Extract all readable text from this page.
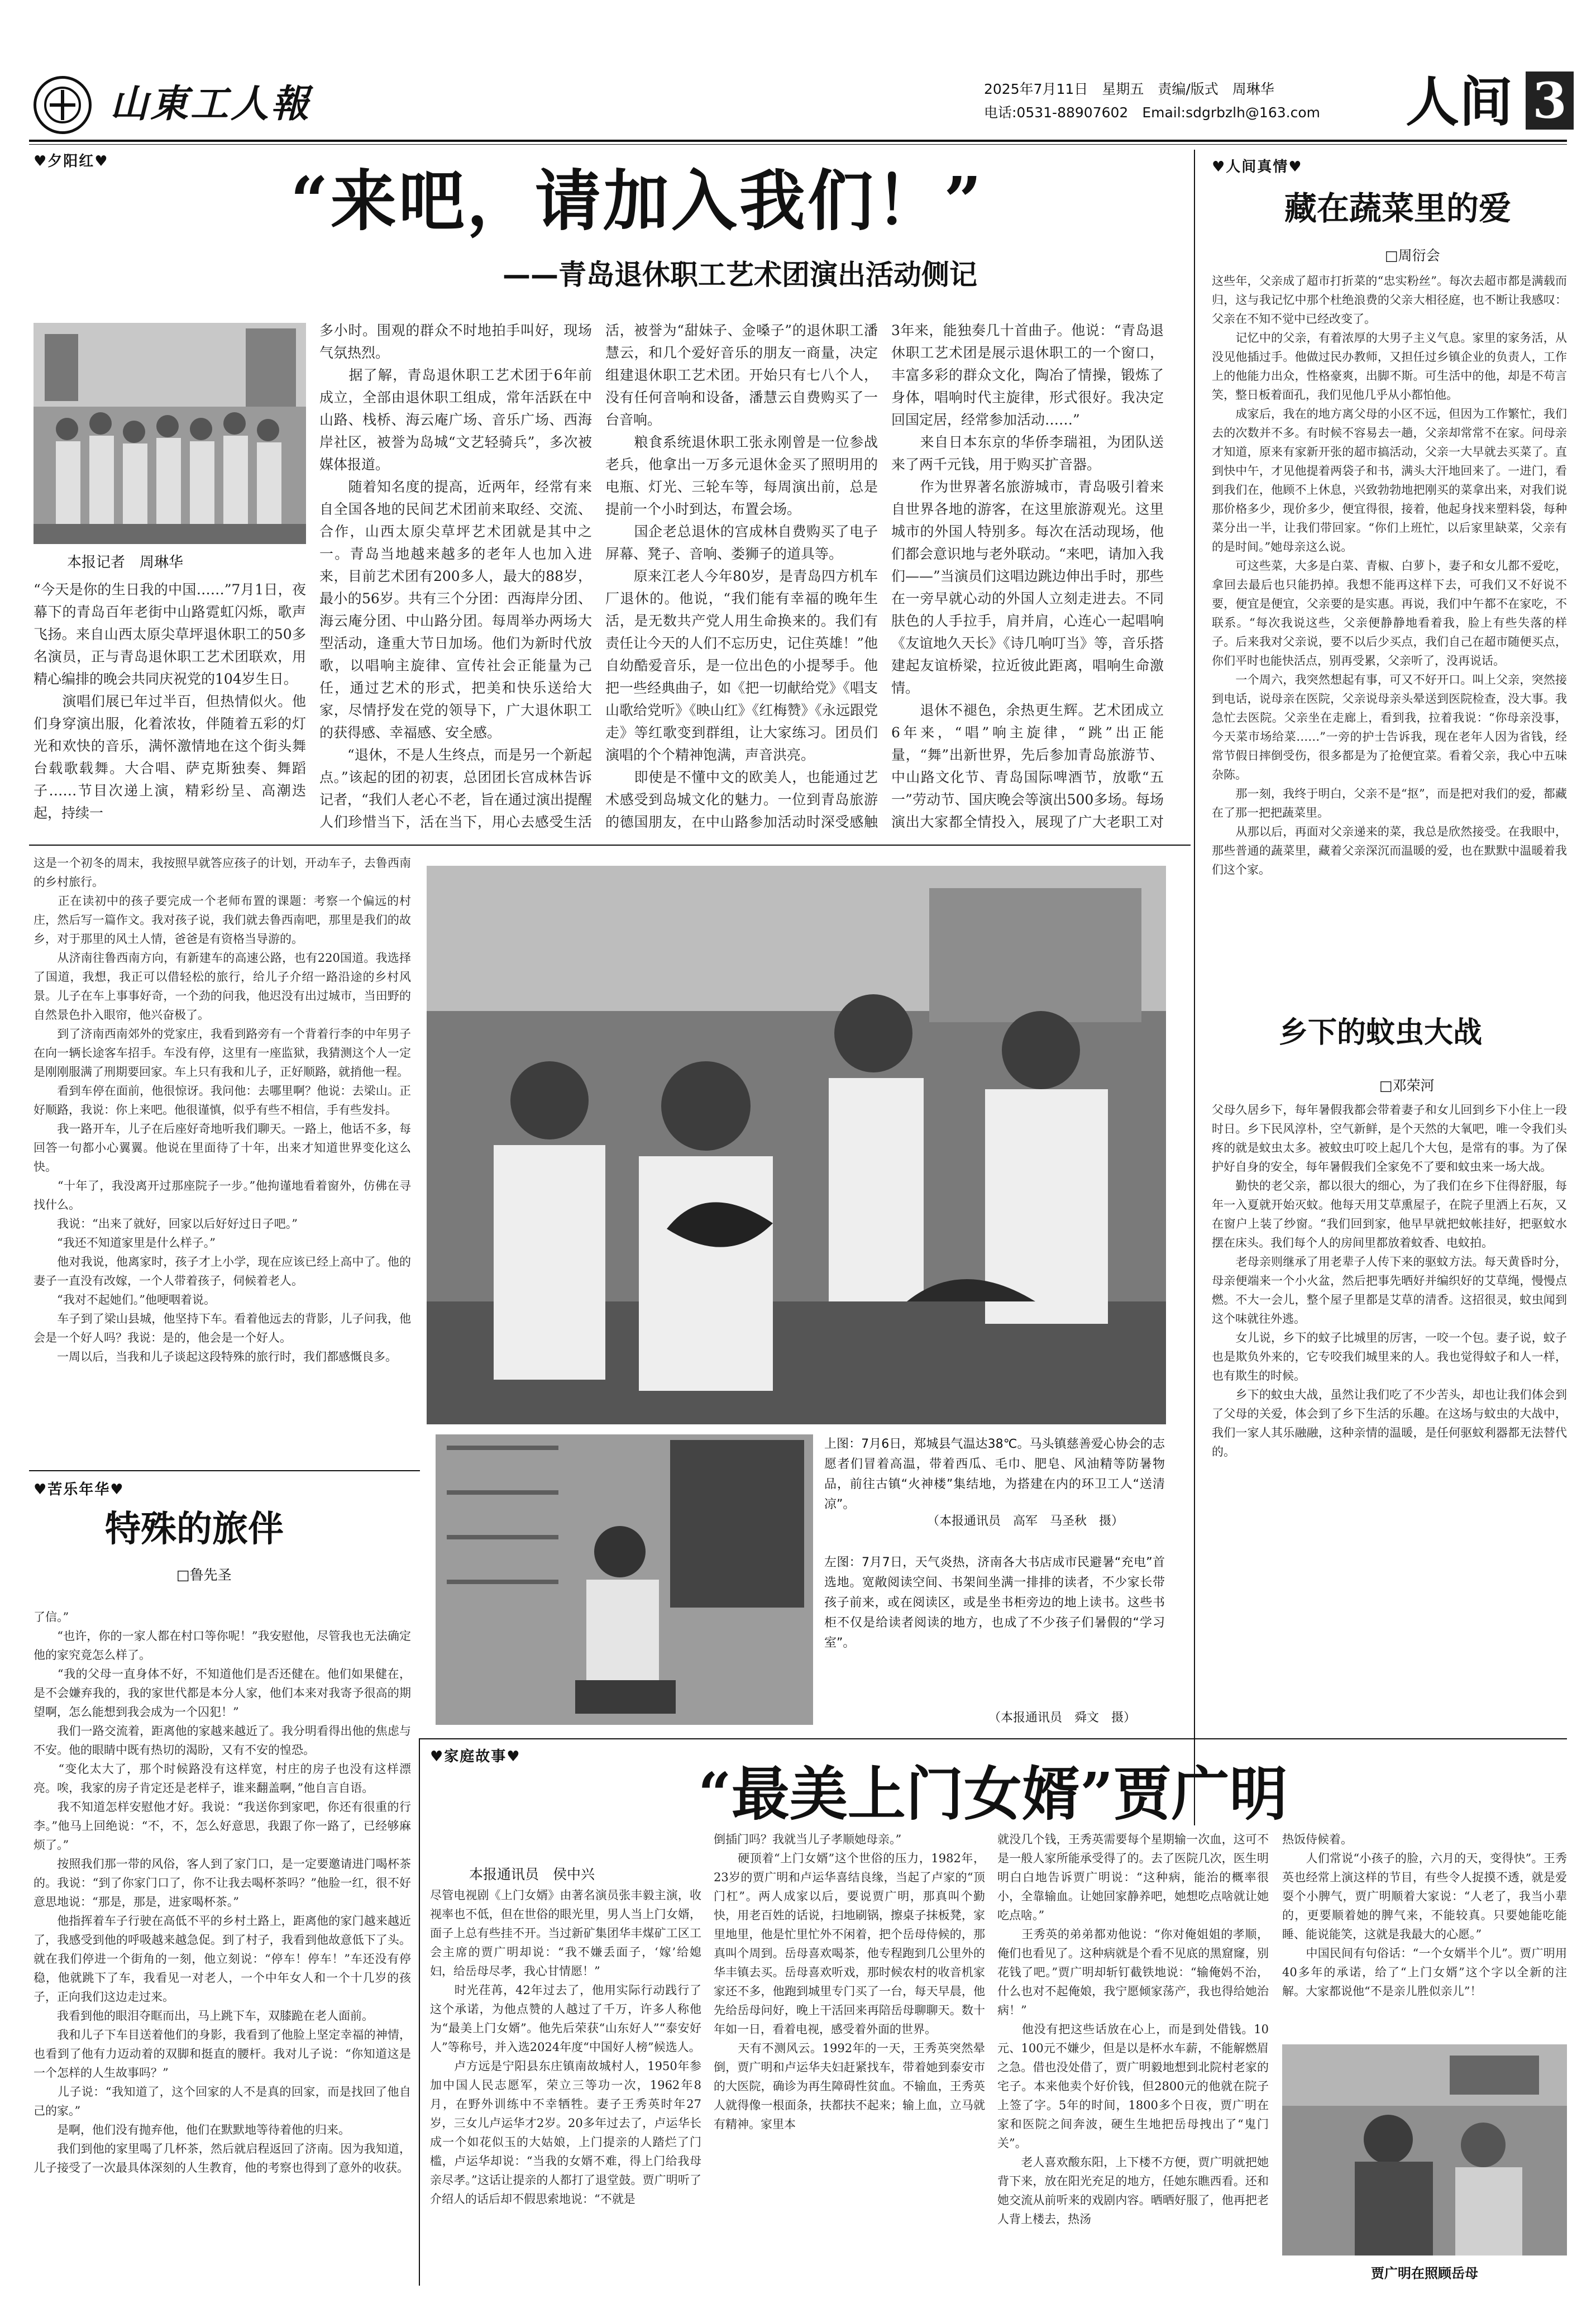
山東工人報	2025年7月11日　星期五　责编/版式　周琳华
电话:0531-88907602　Email:sdgrbzlh@163.com 人间 3
♥夕阳红♥
“来吧，请加入我们！”
——青岛退休职工艺术团演出活动侧记
本报记者　周琳华
“今天是你的生日我的中国……”7月1日，夜幕下的青岛百年老街中山路霓虹闪烁，歌声飞扬。来自山西太原尖草坪退休职工的50多名演员，正与青岛退休职工艺术团联欢，用精心编排的晚会共同庆祝党的104岁生日。
　　演唱们展已年过半百，但热情似火。他们身穿演出服，化着浓妆，伴随着五彩的灯光和欢快的音乐，满怀激情地在这个街头舞台载歌载舞。大合唱、萨克斯独奏、舞蹈子……节目次递上演，精彩纷呈、高潮迭起，持续一
多小时。围观的群众不时地拍手叫好，现场气氛热烈。
　　据了解，青岛退休职工艺术团于6年前成立，全部由退休职工组成，常年活跃在中山路、栈桥、海云庵广场、音乐广场、西海岸社区，被誉为岛城“文艺轻骑兵”，多次被媒体报道。
　　随着知名度的提高，近两年，经常有来自全国各地的民间艺术团前来取经、交流、合作，山西太原尖草坪艺术团就是其中之一。青岛当地越来越多的老年人也加入进来，目前艺术团有200多人，最大的88岁，最小的56岁。共有三个分团：西海岸分团、海云庵分团、中山路分团。每周举办两场大型活动，逢重大节日加场。他们为新时代放歌，以唱响主旋律、宣传社会正能量为己任，通过艺术的形式，把美和快乐送给大家，尽情抒发在党的领导下，广大退休职工的获得感、幸福感、安全感。
　　“退休，不是人生终点，而是另一个新起点。”该起的团的初衷，总团团长宫成林告诉记者，“我们人老心不老，旨在通过演出提醒人们珍惜当下，活在当下，用心去感受生活

活，被誉为“甜妹子、金嗓子”的退休职工潘慧云，和几个爱好音乐的朋友一商量，决定组建退休职工艺术团。开始只有七八个人，没有任何音响和设备，潘慧云自费购买了一台音响。
　　粮食系统退休职工张永刚曾是一位参战老兵，他拿出一万多元退休金买了照明用的电瓶、灯光、三轮车等，每周演出前，总是提前一个小时到达，布置会场。
　　国企老总退休的宫成林自费购买了电子屏幕、凳子、音响、娄狮子的道具等。
　　原来江老人今年80岁，是青岛四方机车厂退休的。他说，“我们能有幸福的晚年生活，是无数共产党人用生命换来的。我们有责任让今天的人们不忘历史，记住英雄！”他自幼酷爱音乐，是一位出色的小提琴手。他把一些经典曲子，如《把一切献给党》《唱支山歌给党听》《映山红》《红梅赞》《永远跟党走》等红歌变到群组，让大家练习。团员们演唱的个个精神饱满，声音洪亮。
　　即使是不懂中文的欧美人，也能通过艺术感受到岛城文化的魅力。一位到青岛旅游的德国朋友，在中山路参加活动时深受感触

3年来，能独奏几十首曲子。他说：“青岛退休职工艺术团是展示退休职工的一个窗口，丰富多彩的群众文化，陶冶了情操，锻炼了身体，唱响时代主旋律，形式很好。我决定回国定居，经常参加活动……”
　　来自日本东京的华侨李瑞祖，为团队送来了两千元钱，用于购买扩音器。
　　作为世界著名旅游城市，青岛吸引着来自世界各地的游客，在这里旅游观光。这里城市的外国人特别多。每次在活动现场，他们都会意识地与老外联动。“来吧，请加入我们——”当演员们这唱边跳边伸出手时，那些在一旁早就心动的外国人立刻走进去。不同肤色的人手拉手，肩并肩，心连心一起唱响《友谊地久天长》《诗几响叮当》等，音乐搭建起友谊桥梁，拉近彼此距离，唱响生命激情。
　　退休不褪色，余热更生辉。艺术团成立6年来，“唱”响主旋律，“跳”出正能量，“舞”出新世界，先后参加青岛旅游节、中山路文化节、青岛国际啤酒节，放歌“五一”劳动节、国庆晚会等演出500多场。每场演出大家都全情投入，展现了广大老职工对
♥人间真情♥
藏在蔬菜里的爱
□周衍会
这些年，父亲成了超市打折菜的“忠实粉丝”。每次去超市都是满载而归，这与我记忆中那个杜绝浪费的父亲大相径庭，也不断让我感叹：父亲在不知不觉中已经改变了。
　　记忆中的父亲，有着浓厚的大男子主义气息。家里的家务活，从没见他插过手。他做过民办教师，又担任过乡镇企业的负责人，工作上的他能力出众，性格豪爽，出脚不斯。可生活中的他，却是不苟言笑，整日板着面孔，我们见他几乎从小都怕他。
　　成家后，我在的地方离父母的小区不远，但因为工作繁忙，我们去的次数并不多。有时候不容易去一趟，父亲却常常不在家。问母亲才知道，原来有家新开张的超市搞活动，父亲一大早就去买菜了。直到快中午，才见他提着两袋子和书，满头大汗地回来了。一进门，看到我们在，他顾不上休息，兴致勃勃地把刚买的菜拿出来，对我们说那价格多少，现价多少，便宜得很，接着，他起身找来塑料袋，每种菜分出一半，让我们带回家。“你们上班忙，以后家里缺菜，父亲有的是时间。”她母亲这么说。
　　可这些菜，大多是白菜、青椒、白萝卜，妻子和女儿都不爱吃，拿回去最后也只能扔掉。我想不能再这样下去，可我们又不好说不要，便宜是便宜，父亲要的是实惠。再说，我们中午都不在家吃，不联系。“每次我说这些，父亲便静静地看着我，脸上有些失落的样子。后来我对父亲说，要不以后少买点，我们自己在超市随便买点，你们平时也能快活点，别再受累，父亲听了，没再说话。
　　一个周六，我突然想起有事，可又不好开口。叫上父亲，突然接到电话，说母亲在医院，父亲说母亲头晕送到医院检查，没大事。我急忙去医院。父亲坐在走廊上，看到我，拉着我说：“你母亲没事，今天菜市场给菜……”一旁的护士告诉我，现在老年人因为省钱，经常节假日摔倒受伤，很多都是为了抢便宜菜。看着父亲，我心中五味杂陈。
　　那一刻，我终于明白，父亲不是“抠”，而是把对我们的爱，都藏在了那一把把蔬菜里。
　　从那以后，再面对父亲递来的菜，我总是欣然接受。在我眼中，那些普通的蔬菜里，藏着父亲深沉而温暖的爱，也在默默中温暖着我们这个家。
乡下的蚊虫大战
□邓荣河
父母久居乡下，每年暑假我都会带着妻子和女儿回到乡下小住上一段时日。乡下民风淳朴，空气新鲜，是个天然的大氧吧，唯一令我们头疼的就是蚊虫太多。被蚊虫叮咬上起几个大包，是常有的事。为了保护好自身的安全，每年暑假我们全家免不了要和蚊虫来一场大战。
　　勤快的老父亲，都以很大的细心，为了我们在乡下住得舒服，每年一入夏就开始灭蚊。他每天用艾草熏屋子，在院子里洒上石灰，又在窗户上装了纱窗。“我们回到家，他早早就把蚊帐挂好，把驱蚊水摆在床头。我们每个人的房间里都放着蚊香、电蚊拍。
　　老母亲则继承了用老辈子人传下来的驱蚊方法。每天黄昏时分，母亲便端来一个小火盆，然后把事先晒好并编织好的艾草绳，慢慢点燃。不大一会儿，整个屋子里都是艾草的清香。这招很灵，蚊虫闻到这个味就往外逃。
　　女儿说，乡下的蚊子比城里的厉害，一咬一个包。妻子说，蚊子也是欺负外来的，它专咬我们城里来的人。我也觉得蚊子和人一样，也有欺生的时候。
　　乡下的蚊虫大战，虽然让我们吃了不少苦头，却也让我们体会到了父母的关爱，体会到了乡下生活的乐趣。在这场与蚊虫的大战中，我们一家人其乐融融，这种亲情的温暖，是任何驱蚊利器都无法替代的。
上图：7月6日，郑城县气温达38℃。马头镇慈善爱心协会的志愿者们冒着高温，带着西瓜、毛巾、肥皂、风油精等防暑物品，前往古镇“火神楼”集结地，为搭建在内的环卫工人“送清凉”。
（本报通讯员　高军　马圣秋　摄）
左图：7月7日，天气炎热，济南各大书店成市民避暑“充电”首选地。宽敞阅读空间、书架间坐满一排排的读者，不少家长带孩子前来，或在阅读区，或是坐书柜旁边的地上读书。这些书柜不仅是给读者阅读的地方，也成了不少孩子们暑假的“学习室”。
（本报通讯员　舜文　摄）
这是一个初冬的周末，我按照早就答应孩子的计划，开动车子，去鲁西南的乡村旅行。
　　正在读初中的孩子要完成一个老师布置的课题：考察一个偏远的村庄，然后写一篇作文。我对孩子说，我们就去鲁西南吧，那里是我们的故乡，对于那里的风土人情，爸爸是有资格当导游的。
　　从济南往鲁西南方向，有新建车的高速公路，也有220国道。我选择了国道，我想，我正可以借轻松的旅行，给儿子介绍一路沿途的乡村风景。儿子在车上事事好奇，一个劲的问我，他迟没有出过城市，当田野的自然景色扑入眼帘，他兴奋极了。
　　到了济南西南郊外的党家庄，我看到路旁有一个背着行李的中年男子在向一辆长途客车招手。车没有停，这里有一座监狱，我猜测这个人一定是刚刚服满了刑期要回家。车上只有我和儿子，正好顺路，就捎他一程。
　　看到车停在面前，他很惊讶。我问他：去哪里啊？他说：去梁山。正好顺路，我说：你上来吧。他很谨慎，似乎有些不相信，手有些发抖。
　　我一路开车，儿子在后座好奇地听我们聊天。一路上，他话不多，每回答一句都小心翼翼。他说在里面待了十年，出来才知道世界变化这么快。
　　“十年了，我没离开过那座院子一步。”他拘谨地看着窗外，仿佛在寻找什么。
　　我说：“出来了就好，回家以后好好过日子吧。”
　　“我还不知道家里是什么样子。”
　　他对我说，他离家时，孩子才上小学，现在应该已经上高中了。他的妻子一直没有改嫁，一个人带着孩子，伺候着老人。
　　“我对不起她们。”他哽咽着说。
　　车子到了梁山县城，他坚持下车。看着他远去的背影，儿子问我，他会是一个好人吗？我说：是的，他会是一个好人。
　　一周以后，当我和儿子谈起这段特殊的旅行时，我们都感慨良多。
♥苦乐年华♥
特殊的旅伴
□鲁先圣
了信。”
　　“也许，你的一家人都在村口等你呢！”我安慰他，尽管我也无法确定他的家究竟怎么样了。
　　“我的父母一直身体不好，不知道他们是否还健在。他们如果健在，是不会嫌弃我的，我的家世代都是本分人家，他们本来对我寄予很高的期望啊，怎么能想到我会成为一个囚犯！”
　　我们一路交流着，距离他的家越来越近了。我分明看得出他的焦虑与不安。他的眼睛中既有热切的渴盼，又有不安的惶恐。
　　“变化太大了，那个时候路没有这样宽，村庄的房子也没有这样漂亮。唉，我家的房子肯定还是老样子，谁来翻盖啊，”他自言自语。
　　我不知道怎样安慰他才好。我说：“我送你到家吧，你还有很重的行李。”他马上回绝说：“不，不，怎么好意思，我跟了你一路了，已经够麻烦了。”
　　按照我们那一带的风俗，客人到了家门口，是一定要邀请进门喝杯茶的。我说：“到了你家门口了，你不让我去喝杯茶吗？”他脸一红，很不好意思地说：“那是，那是，进家喝杯茶。”
　　他指挥着车子行驶在高低不平的乡村土路上，距离他的家门越来越近了，我感受到他的呼吸越来越急促。到了村子，我看到他故意低下了头。就在我们停进一个街角的一刻，他立刻说：“停车！停车！”车还没有停稳，他就跳下了车，我看见一对老人，一个中年女人和一个十几岁的孩子，正向我们这边走过来。
　　我看到他的眼泪夺眶而出，马上跳下车，双膝跪在老人面前。
　　我和儿子下车目送着他们的身影，我看到了他脸上坚定幸福的神情，也看到了他有力迈动着的双脚和挺直的腰杆。我对儿子说：“你知道这是一个怎样的人生故事吗？”
　　儿子说：“我知道了，这个回家的人不是真的回家，而是找回了他自己的家。”
　　是啊，他们没有抛弃他，他们在默默地等待着他的归来。
　　我们到他的家里喝了几杯茶，然后就启程返回了济南。因为我知道，儿子接受了一次最具体深刻的人生教育，他的考察也得到了意外的收获。
♥家庭故事♥
“最美上门女婿”贾广明
本报通讯员　侯中兴
尽管电视剧《上门女婿》由著名演员张丰毅主演，收视率也不低，但在世俗的眼光里，男人当上门女婿，面子上总有些挂不开。当过新矿集团华丰煤矿工区工会主席的贾广明却说：“我不嫌丢面子，‘嫁’给媳妇，给岳母尽孝，我心甘情愿！”
　　时光荏苒，42年过去了，他用实际行动践行了这个承诺，为他点赞的人越过了千万，许多人称他为“最美上门女婿”。他先后荣获“山东好人”“泰安好人”等称号，并入选2024年度“中国好人榜”候选人。
　　卢方远是宁阳县东庄镇南故城村人，1950年参加中国人民志愿军，荣立三等功一次，1962年8月，在野外训练中不幸牺牲。妻子王秀英时年27岁，三女儿卢运华才2岁。20多年过去了，卢运华长成一个如花似玉的大姑娘，上门提亲的人踏烂了门槛，卢运华却说：“当我的女婿不难，得上门给我母亲尽孝。”这话让提亲的人都打了退堂鼓。贾广明听了介绍人的话后却不假思索地说：“不就是
倒插门吗？我就当儿子孝顺她母亲。”
　　硬顶着“上门女婿”这个世俗的压力，1982年，23岁的贾广明和卢运华喜结良缘，当起了卢家的“顶门杠”。两人成家以后，要说贾广明，那真叫个勤快，用老百姓的话说，扫地刷锅，擦桌子抹板凳，家里地里，他是忙里忙外不闲着，把个岳母侍候的，那真叫个周到。岳母喜欢喝茶，他专程跑到几公里外的华丰镇去买。岳母喜欢听戏，那时候农村的收音机家家还不多，他跑到城里专门买了一台，每天早晨，他先给岳母问好，晚上干活回来再陪岳母聊聊天。数十年如一日，看着电视，感受着外面的世界。
　　天有不测风云。1992年的一天，王秀英突然晕倒，贾广明和卢运华夫妇赶紧找车，带着她到泰安市的大医院，确诊为再生障碍性贫血。不输血，王秀英人就得像一根面条，扶都扶不起来；输上血，立马就有精神。家里本
就没几个钱，王秀英需要每个星期输一次血，这可不是一般人家所能承受得了的。去了医院几次，医生明明白白地告诉贾广明说：“这种病，能治的概率很小，全靠输血。让她回家静养吧，她想吃点啥就让她吃点啥。”
　　王秀英的弟弟都劝他说：“你对俺姐姐的孝顺，俺们也看见了。这种病就是个看不见底的黑窟窿，别花钱了吧。”贾广明却斩钉截铁地说：“输俺妈不治，什么也对不起俺娘，我宁愿倾家荡产，我也得给她治病！”
　　他没有把这些话放在心上，而是到处借钱。10元、100元不嫌少，但是以是杯水车薪，不能解燃眉之急。借也没处借了，贾广明毅地想到北院村老家的宅子。本来他卖个好价钱，但2800元的他就在院子上签了字。5年的时间，1800多个日夜，贾广明在家和医院之间奔波，硬生生地把岳母拽出了“鬼门关”。
　　老人喜欢酸东阳，上下楼不方便，贾广明就把她背下来，放在阳光充足的地方，任她东瞧西看。还和她交流从前听来的戏剧内容。晒晒好服了，他再把老人背上楼去，热汤
热饭侍候着。
　　人们常说“小孩子的脸，六月的天，变得快”。王秀英也经常上演这样的节目，有些令人捉摸不透，就是爱耍个小脾气，贾广明顺着大家说：“人老了，我当小辈的，更要顺着她的脾气来，不能较真。只要她能吃能睡、能说能笑，这就是我最大的心愿。”
　　中国民间有句俗话：“一个女婿半个儿”。贾广明用40多年的承诺，给了“上门女婿”这个字以全新的注解。大家都说他“不是亲儿胜似亲儿”！
贾广明在照顾岳母
